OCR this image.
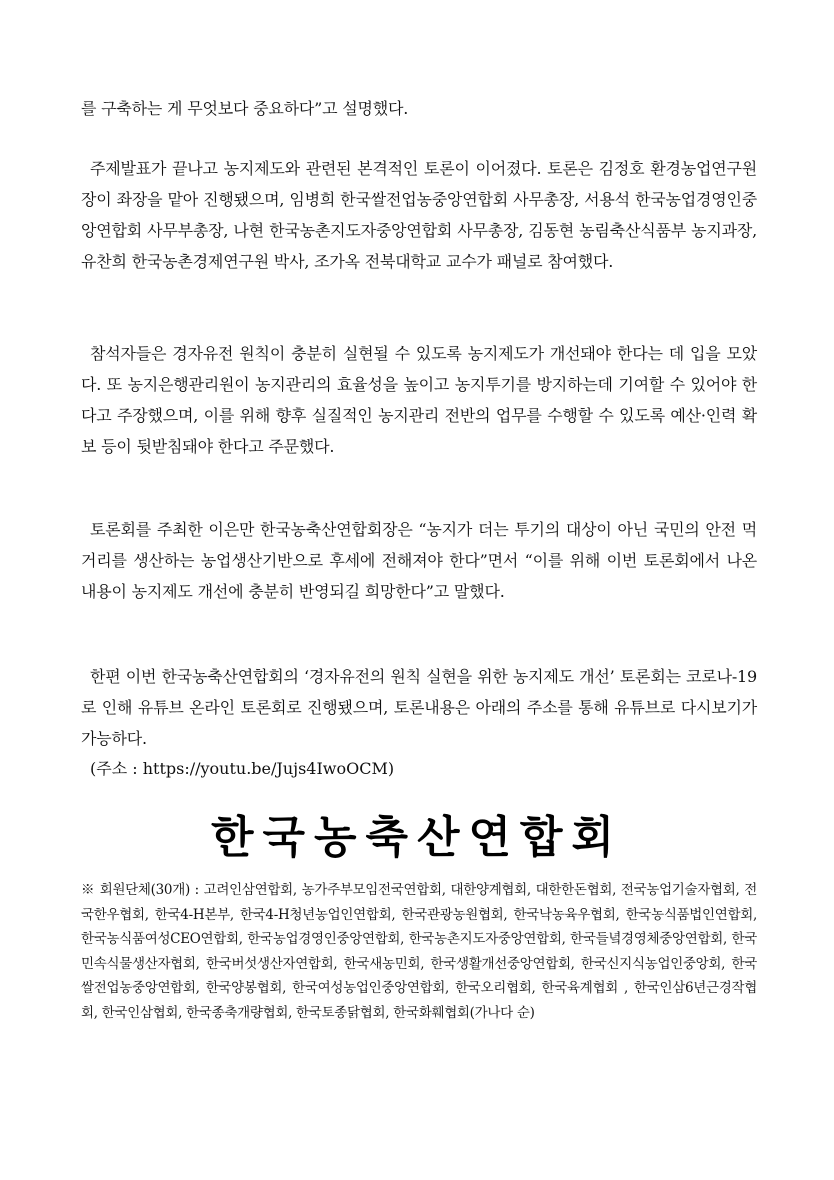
를 구축하는 게 무엇보다 중요하다”고 설명했다.

주제발표가 끝나고 농지제도와 관련된 본격적인 토론이 이어졌다. 토론은 김정호 환경농업연구원장이 좌장을 맡아 진행됐으며, 임병희 한국쌀전업농중앙연합회 사무총장, 서용석 한국농업경영인중앙연합회 사무부총장, 나현 한국농촌지도자중앙연합회 사무총장, 김동현 농림축산식품부 농지과장, 유찬희 한국농촌경제연구원 박사, 조가옥 전북대학교 교수가 패널로 참여했다.

참석자들은 경자유전 원칙이 충분히 실현될 수 있도록 농지제도가 개선돼야 한다는 데 입을 모았다. 또 농지은행관리원이 농지관리의 효율성을 높이고 농지투기를 방지하는데 기여할 수 있어야 한다고 주장했으며, 이를 위해 향후 실질적인 농지관리 전반의 업무를 수행할 수 있도록 예산·인력 확보 등이 뒷받침돼야 한다고 주문했다.

토론회를 주최한 이은만 한국농축산연합회장은 “농지가 더는 투기의 대상이 아닌 국민의 안전 먹거리를 생산하는 농업생산기반으로 후세에 전해져야 한다”면서 “이를 위해 이번 토론회에서 나온 내용이 농지제도 개선에 충분히 반영되길 희망한다”고 말했다.

한편 이번 한국농축산연합회의 ‘경자유전의 원칙 실현을 위한 농지제도 개선’ 토론회는 코로나-19로 인해 유튜브 온라인 토론회로 진행됐으며, 토론내용은 아래의 주소를 통해 유튜브로 다시보기가 가능하다.

(주소 : https://youtu.be/Jujs4IwoOCM)

한국농축산연합회

※ 회원단체(30개) : 고려인삼연합회, 농가주부모임전국연합회, 대한양계협회, 대한한돈협회, 전국농업기술자협회, 전국한우협회, 한국4-H본부, 한국4-H청년농업인연합회, 한국관광농원협회, 한국낙농육우협회, 한국농식품법인연합회, 한국농식품여성CEO연합회, 한국농업경영인중앙연합회, 한국농촌지도자중앙연합회, 한국들녘경영체중앙연합회, 한국민속식물생산자협회, 한국버섯생산자연합회, 한국새농민회, 한국생활개선중앙연합회, 한국신지식농업인중앙회, 한국쌀전업농중앙연합회, 한국양봉협회, 한국여성농업인중앙연합회, 한국오리협회, 한국육계협회 , 한국인삼6년근경작협회, 한국인삼협회, 한국종축개량협회, 한국토종닭협회, 한국화훼협회(가나다 순)
